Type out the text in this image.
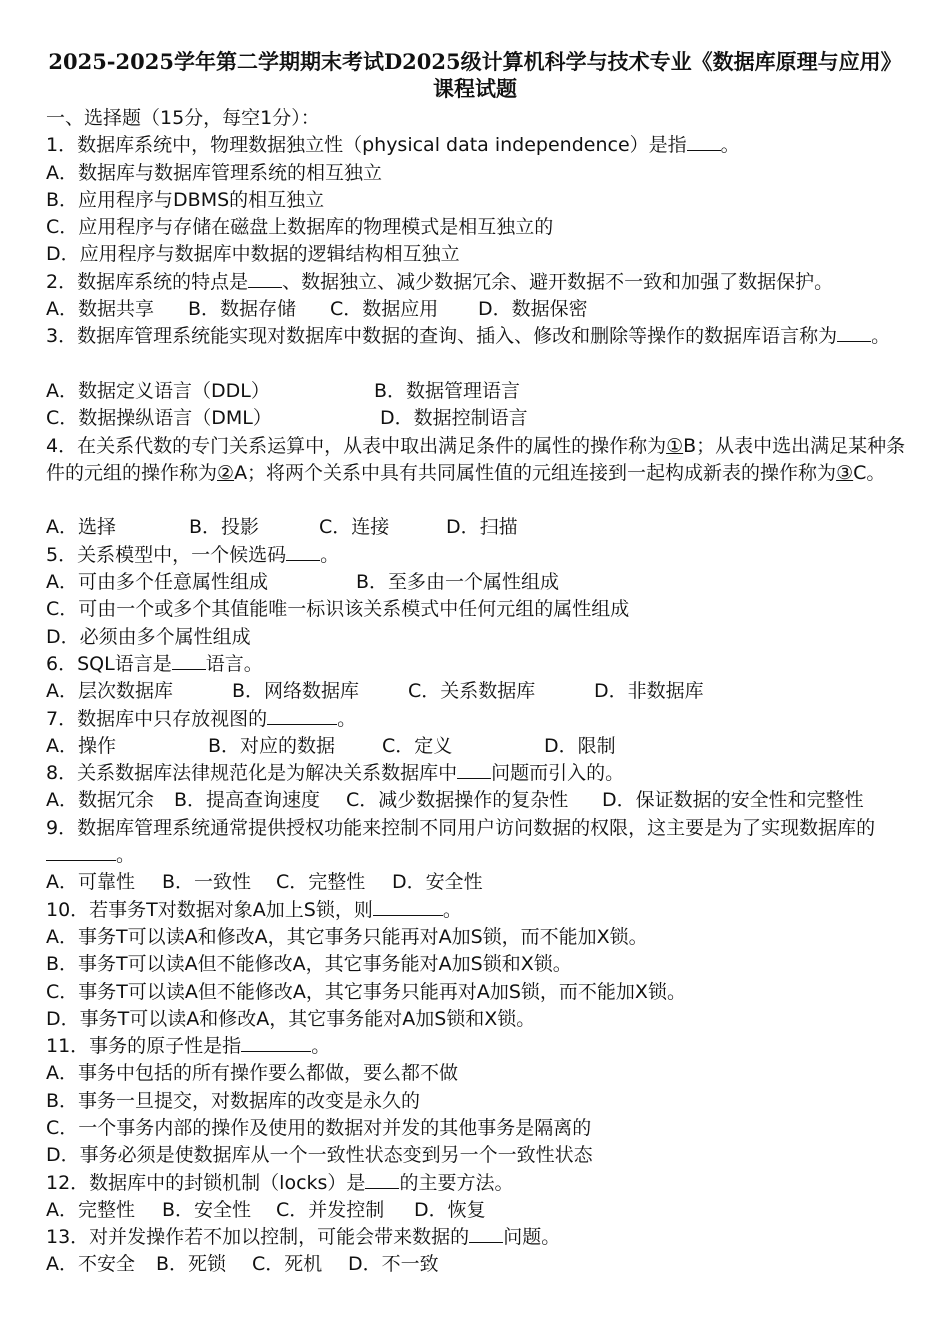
2025-2025学年第二学期期末考试D2025级计算机科学与技术专业《数据库原理与应用》课程试题
一、选择题（15分，每空1分）：
1．数据库系统中，物理数据独立性（physical data independence）是指 。
A．数据库与数据库管理系统的相互独立
B．应用程序与DBMS的相互独立
C．应用程序与存储在磁盘上数据库的物理模式是相互独立的
D．应用程序与数据库中数据的逻辑结构相互独立
2．数据库系统的特点是 、数据独立、减少数据冗余、避开数据不一致和加强了数据保护。
A．数据共享 B．数据存储 C．数据应用 D．数据保密
3．数据库管理系统能实现对数据库中数据的查询、插入、修改和删除等操作的数据库语言称为 。
A．数据定义语言（DDL）	B．数据管理语言
C．数据操纵语言（DML）	D．数据控制语言
4．在关系代数的专门关系运算中，从表中取出满足条件的属性的操作称为①B；从表中选出满足某种条件的元组的操作称为②A；将两个关系中具有共同属性值的元组连接到一起构成新表的操作称为③C。
A．选择	B．投影	C．连接	D．扫描
5．关系模型中，一个候选码 。
A．可由多个任意属性组成	B．至多由一个属性组成
C．可由一个或多个其值能唯一标识该关系模式中任何元组的属性组成
D．必须由多个属性组成
6．SQL语言是 语言。
A．层次数据库	B．网络数据库	C．关系数据库	D．非数据库
7．数据库中只存放视图的	。
A．操作	B．对应的数据 C．定义	D．限制
8．关系数据库法律规范化是为解决关系数据库中 问题而引入的。
A．数据冗余 B．提高查询速度 C．减少数据操作的复杂性 D．保证数据的安全性和完整性
9．数据库管理系统通常提供授权功能来控制不同用户访问数据的权限，这主要是为了实现数据库的。
A．可靠性 B．一致性 C．完整性 D．安全性
10．若事务T对数据对象A加上S锁，则	。
A．事务T可以读A和修改A，其它事务只能再对A加S锁，而不能加X锁。
B．事务T可以读A但不能修改A，其它事务能对A加S锁和X锁。
C．事务T可以读A但不能修改A，其它事务只能再对A加S锁，而不能加X锁。
D．事务T可以读A和修改A，其它事务能对A加S锁和X锁。
11．事务的原子性是指	。
A．事务中包括的所有操作要么都做，要么都不做
B．事务一旦提交，对数据库的改变是永久的
C．一个事务内部的操作及使用的数据对并发的其他事务是隔离的
D．事务必须是使数据库从一个一致性状态变到另一个一致性状态
12．数据库中的封锁机制（locks）是 的主要方法。
A．完整性 B．安全性 C．并发控制 D．恢复
13．对并发操作若不加以控制，可能会带来数据的 问题。
A．不安全 B．死锁 C．死机 D．不一致
